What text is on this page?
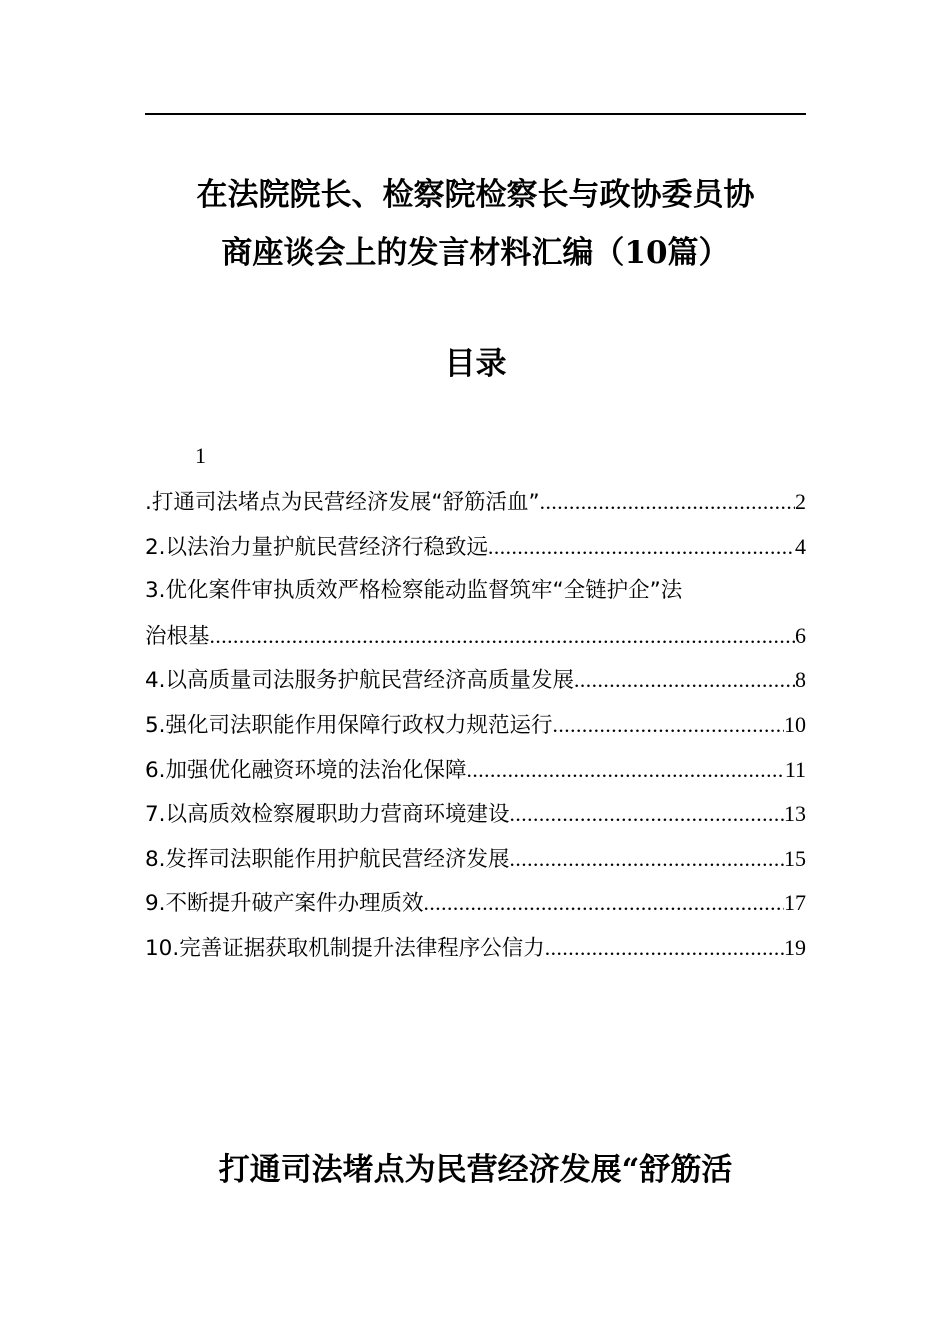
在法院院长、检察院检察长与政协委员协
商座谈会上的发言材料汇编（10篇）
目录
1
.打通司法堵点为民营经济发展“舒筋活血” .....	2
2.以法治力量护航民营经济行稳致远 .....	4
3.优化案件审执质效严格检察能动监督筑牢“全链护企”法
治根基 .....	6
4.以高质量司法服务护航民营经济高质量发展 .....	8
5.强化司法职能作用保障行政权力规范运行 .....	10
6.加强优化融资环境的法治化保障 .....	11
7.以高质效检察履职助力营商环境建设 .....	13
8.发挥司法职能作用护航民营经济发展 .....	15
9.不断提升破产案件办理质效 .....	17
10.完善证据获取机制提升法律程序公信力 .....	19
打通司法堵点为民营经济发展“舒筋活
